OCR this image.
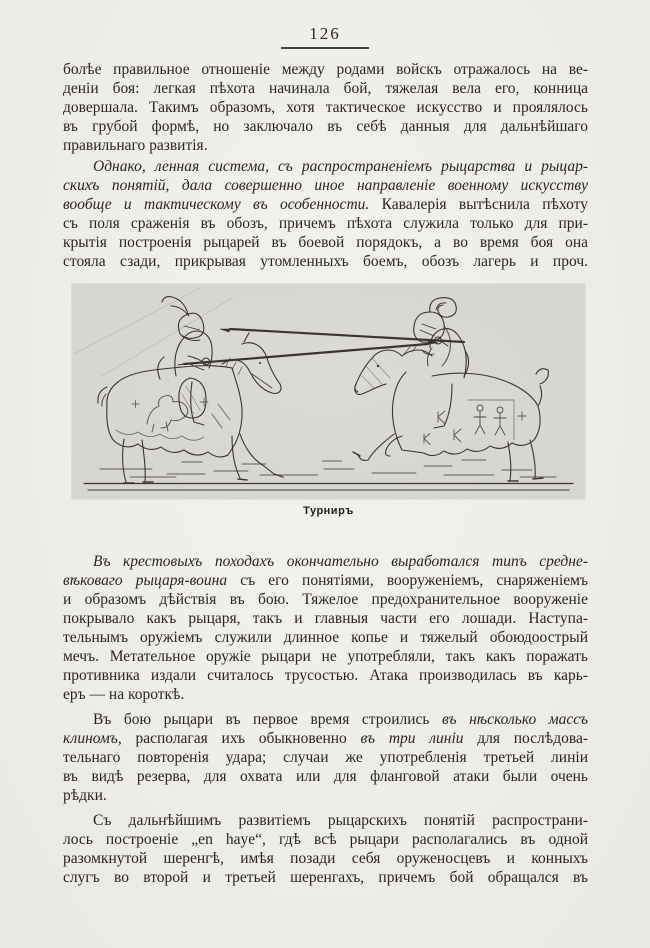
126
болѣе правильное отношеніе между родами войскъ отражалось на ве-
деніи боя: легкая пѣхота начинала бой, тяжелая вела его, конница
довершала. Такимъ образомъ, хотя тактическое искусство и проялялось
въ грубой формѣ, но заключало въ себѣ данныя для дальнѣйшаго
правильнаго развитія.
Однако, ленная система, съ распространеніемъ рыцарства и рыцар-
скихъ понятій, дала совершенно иное направленіе военному искусству
вообще и тактическому въ особенности. Кавалерія вытѣснила пѣхоту
съ поля сраженія въ обозъ, причемъ пѣхота служила только для при-
крытія построенія рыцарей въ боевой порядокъ, а во время боя она
стояла сзади, прикрывая утомленныхъ боемъ, обозъ лагерь и проч.
Турниръ
Въ крестовыхъ походахъ окончательно выработался типъ средне-
вѣковаго рыцаря-воина съ его понятіями, вооруженіемъ, снаряженіемъ
и образомъ дѣйствія въ бою. Тяжелое предохранительное вооруженіе
покрывало какъ рыцаря, такъ и главныя части его лошади. Наступа-
тельнымъ оружіемъ служили длинное копье и тяжелый обоюдоострый
мечъ. Метательное оружіе рыцари не употребляли, такъ какъ поражать
противника издали считалось трусостью. Атака производилась въ карь-
еръ — на короткѣ.
Въ бою рыцари въ первое время строились въ нѣсколько массъ
клиномъ, располагая ихъ обыкновенно въ три линіи для послѣдова-
тельнаго повторенія удара; случаи же употребленія третьей линіи
въ видѣ резерва, для охвата или для фланговой атаки были очень
рѣдки.
Съ дальнѣйшимъ развитіемъ рыцарскихъ понятій распространи-
лось построеніе „en haye“, гдѣ всѣ рыцари располагались въ одной
разомкнутой шеренгѣ, имѣя позади себя оруженосцевъ и конныхъ
слугъ во второй и третьей шеренгахъ, причемъ бой обращался въ
